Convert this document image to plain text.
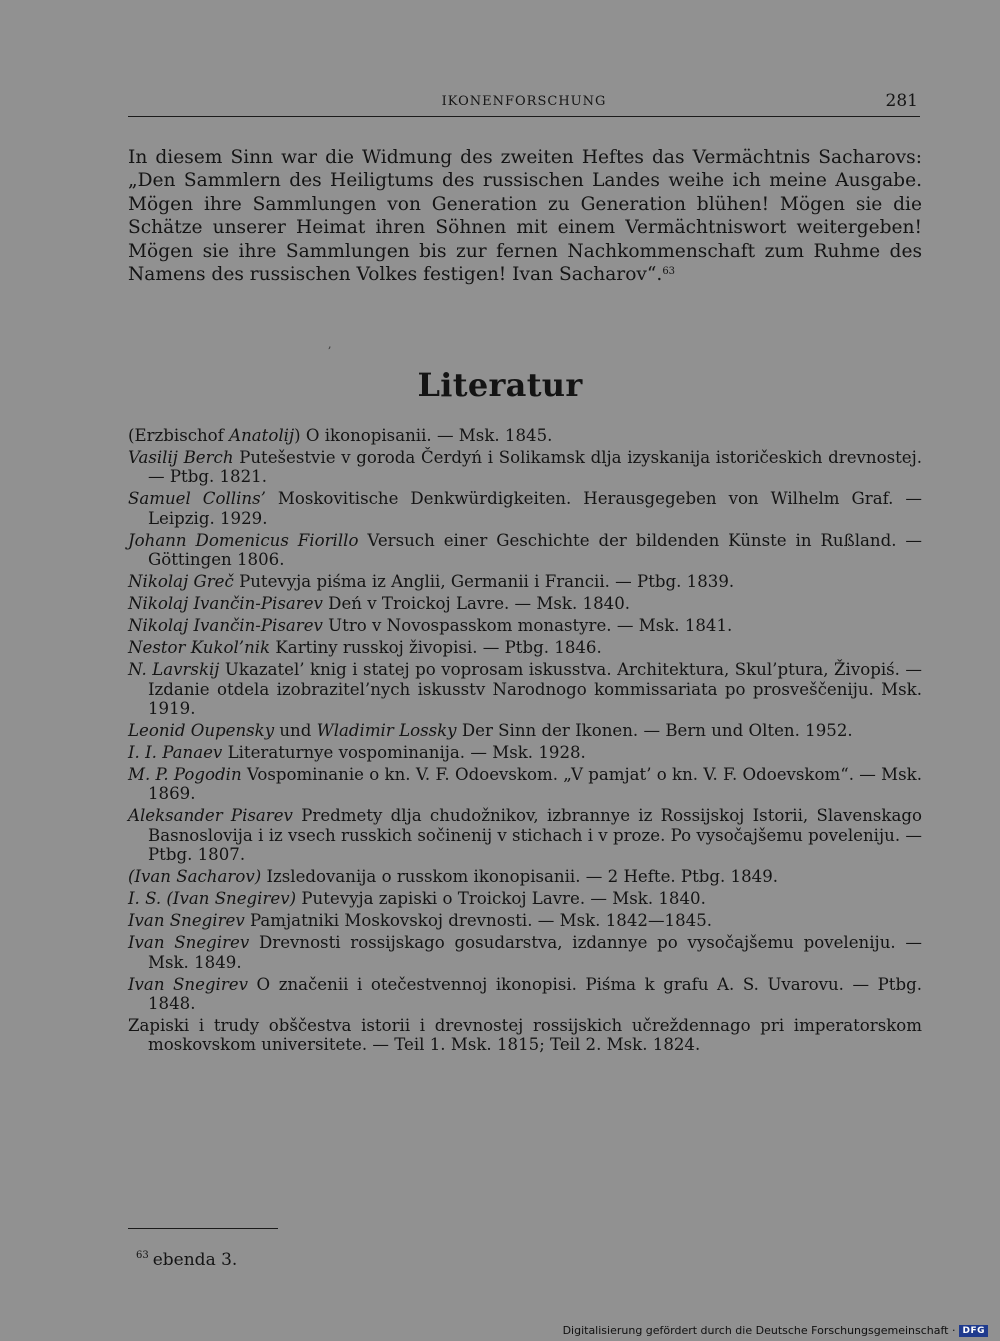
IKONENFORSCHUNG	281

In diesem Sinn war die Widmung des zweiten Heftes das Vermächtnis Sacharovs: „Den Sammlern des Heiligtums des russischen Landes weihe ich meine Ausgabe. Mögen ihre Sammlungen von Generation zu Generation blühen! Mögen sie die Schätze unserer Heimat ihren Söhnen mit einem Vermächtniswort weitergeben! Mögen sie ihre Sammlungen bis zur fernen Nachkommenschaft zum Ruhme des Namens des russischen Volkes festigen! Ivan Sacharov“.$^{63}$

,
Literatur
(Erzbischof Anatolij) O ikonopisanii. — Msk. 1845.
Vasilij Berch Putešestvie v goroda Čerdyń i Solikamsk dlja izyskanija istoričeskich drevnostej. — Ptbg. 1821.
Samuel Collins’ Moskovitische Denkwürdigkeiten. Herausgegeben von Wilhelm Graf. — Leipzig. 1929.
Johann Domenicus Fiorillo Versuch einer Geschichte der bildenden Künste in Rußland. — Göttingen 1806.
Nikolaj Greč Putevyja piśma iz Anglii, Germanii i Francii. — Ptbg. 1839.
Nikolaj Ivančin-Pisarev Deń v Troickoj Lavre. — Msk. 1840.
Nikolaj Ivančin-Pisarev Utro v Novospasskom monastyre. — Msk. 1841.
Nestor Kukol’nik Kartiny russkoj živopisi. — Ptbg. 1846.
N. Lavrskij Ukazatel’ knig i statej po voprosam iskusstva. Architektura, Skul’ptura, Živopiś. — Izdanie otdela izobrazitel’nych iskusstv Narodnogo kommissariata po prosveščeniju. Msk. 1919.
Leonid Oupensky und Wladimir Lossky Der Sinn der Ikonen. — Bern und Olten. 1952.
I. I. Panaev Literaturnye vospominanija. — Msk. 1928.
M. P. Pogodin Vospominanie o kn. V. F. Odoevskom. „V pamjat’ o kn. V. F. Odoevskom“. — Msk. 1869.
Aleksander Pisarev Predmety dlja chudožnikov, izbrannye iz Rossijskoj Istorii, Slavenskago Basnoslovija i iz vsech russkich sočinenij v stichach i v proze. Po vysočajšemu poveleniju. — Ptbg. 1807.
(Ivan Sacharov) Izsledovanija o russkom ikonopisanii. — 2 Hefte. Ptbg. 1849.
I. S. (Ivan Snegirev) Putevyja zapiski o Troickoj Lavre. — Msk. 1840.
Ivan Snegirev Pamjatniki Moskovskoj drevnosti. — Msk. 1842—1845.
Ivan Snegirev Drevnosti rossijskago gosudarstva, izdannye po vysočajšemu poveleniju. — Msk. 1849.
Ivan Snegirev O značenii i otečestvennoj ikonopisi. Piśma k grafu A. S. Uvarovu. — Ptbg. 1848.
Zapiski i trudy obščestva istorii i drevnostej rossijskich učreždennago pri imperatorskom moskovskom universitete. — Teil 1. Msk. 1815; Teil 2. Msk. 1824.
$^{63}$ ebenda 3.
Digitalisierung gefördert durch die Deutsche Forschungsgemeinschaft · DFG
